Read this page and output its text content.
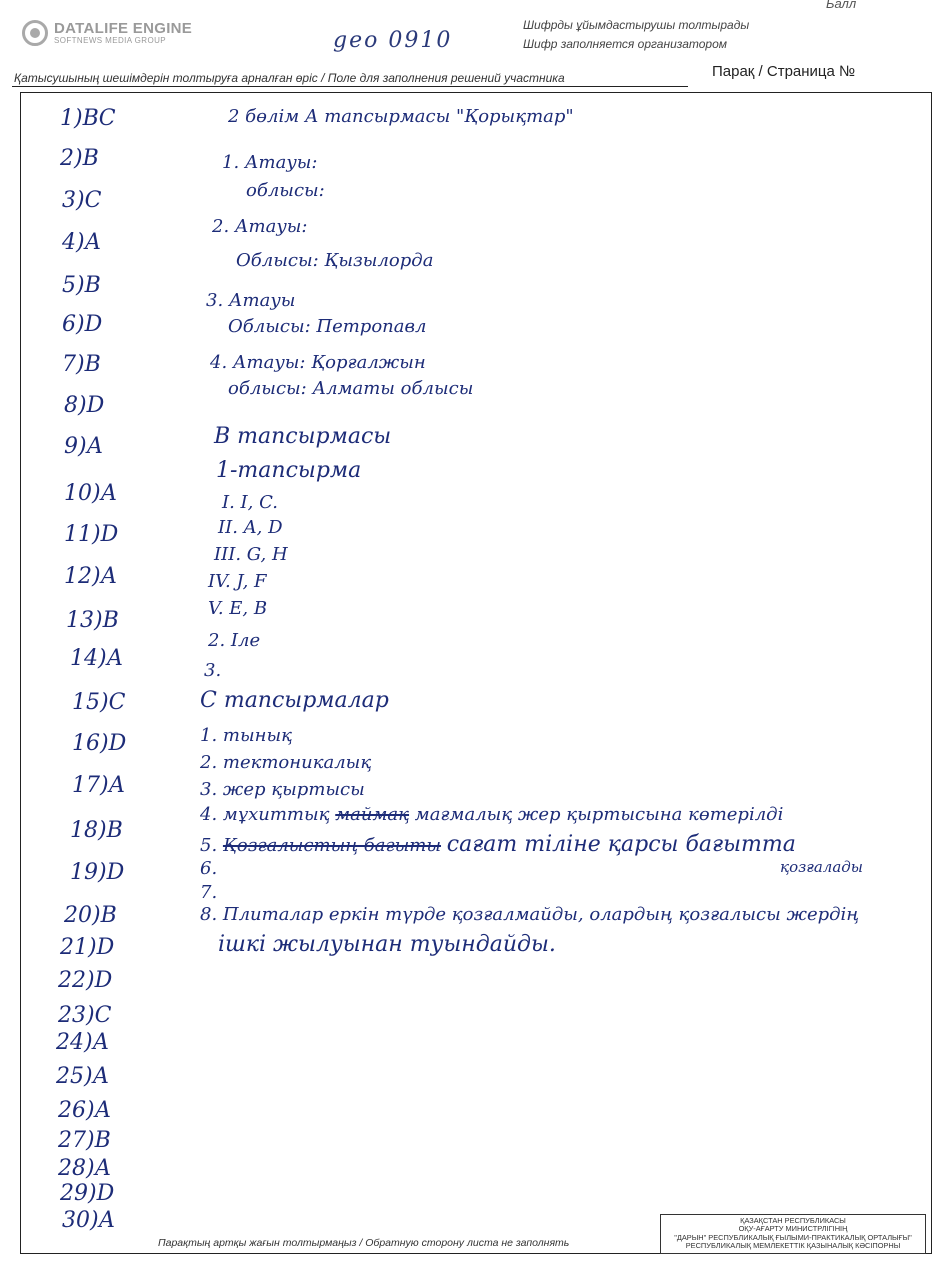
DATALIFE ENGINE
SOFTNEWS MEDIA GROUP
Балл
geo 0910
Шифрды ұйымдастырушы толтырады
Шифр заполняется организатором
Қатысушының шешімдерін толтыруға арналған өріс / Поле для заполнения решений участника	Парақ / Страница №
1)ВС
2)В
3)С
4)А
5)В
6)D
7)В
8)D
9)А
10)А
11)D
12)А
13)В
14)А
15)С
16)D
17)А
18)В
19)D
20)В
21)D
22)D
23)С
24)А
25)А
26)А
27)В
28)А
29)D
30)А
2 бөлім А тапсырмасы "Қорықтар"
1. Атауы:
облысы:
2. Атауы:
Облысы: Қызылорда
3. Атауы
Облысы: Петропавл
4. Атауы: Қорғалжын
облысы: Алматы облысы
В тапсырмасы
1-тапсырма
I. I, C.
II. A, D
III. G, H
IV. J, F
V. E, B
2. Іле
3.
С тапсырмалар
1. тынық
2. тектоникалық
3. жер қыртысы
4. мұхиттық маймақ мағмалық жер қыртысына көтерілді
5. Қозғалыстың бағыты сағат тіліне қарсы бағытта
қозғалады
6.
7.
8. Плиталар еркін түрде қозғалмайды, олардың қозғалысы жердің
ішкі жылуынан туындайды.
Парақтың артқы жағын толтырмаңыз / Обратную сторону листа не заполнять
ҚАЗАҚСТАН РЕСПУБЛИКАСЫ
ОҚУ-АҒАРТУ МИНИСТРЛІГІНІҢ
"ДАРЫН" РЕСПУБЛИКАЛЫҚ ҒЫЛЫМИ-ПРАКТИКАЛЫҚ ОРТАЛЫҒЫ"
РЕСПУБЛИКАЛЫҚ МЕМЛЕКЕТТІК ҚАЗЫНАЛЫҚ КӘСІПОРНЫ
